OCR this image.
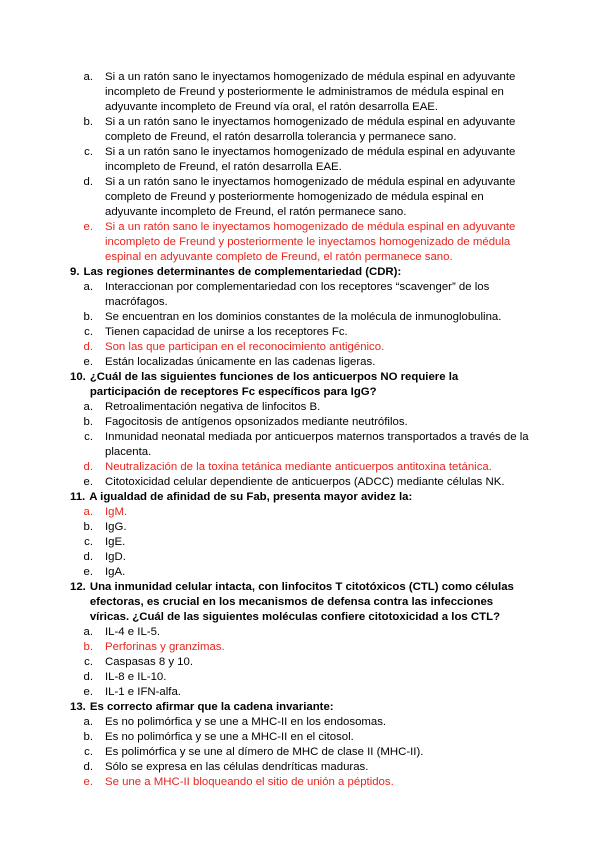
a.	Si a un ratón sano le inyectamos homogenizado de médula espinal en adyuvante incompleto de Freund y posteriormente le administramos de médula espinal en adyuvante incompleto de Freund vía oral, el ratón desarrolla EAE.
b.	Si a un ratón sano le inyectamos homogenizado de médula espinal en adyuvante completo de Freund, el ratón desarrolla tolerancia y permanece sano.
c.	Si a un ratón sano le inyectamos homogenizado de médula espinal en adyuvante incompleto de Freund, el ratón desarrolla EAE.
d.	Si a un ratón sano le inyectamos homogenizado de médula espinal en adyuvante completo de Freund y posteriormente homogenizado de médula espinal en adyuvante incompleto de Freund, el ratón permanece sano.
e.	Si a un ratón sano le inyectamos homogenizado de médula espinal en adyuvante incompleto de Freund y posteriormente le inyectamos homogenizado de médula espinal en adyuvante completo de Freund, el ratón permanece sano.
9. Las regiones determinantes de complementariedad (CDR):
a.	Interaccionan por complementariedad con los receptores “scavenger” de los macrófagos.
b.	Se encuentran en los dominios constantes de la molécula de inmunoglobulina.
c.	Tienen capacidad de unirse a los receptores Fc.
d.	Son las que participan en el reconocimiento antigénico.
e.	Están localizadas únicamente en las cadenas ligeras.
10. ¿Cuál de las siguientes funciones de los anticuerpos NO requiere la participación de receptores Fc específicos para IgG?
a.	Retroalimentación negativa de linfocitos B.
b.	Fagocitosis de antígenos opsonizados mediante neutrófilos.
c.	Inmunidad neonatal mediada por anticuerpos maternos transportados a través de la placenta.
d.	Neutralización de la toxina tetánica mediante anticuerpos antitoxina tetánica.
e.	Citotoxicidad celular dependiente de anticuerpos (ADCC) mediante células NK.
11. A igualdad de afinidad de su Fab, presenta mayor avidez la:
a.	IgM.
b.	IgG.
c.	IgE.
d.	IgD.
e.	IgA.
12. Una inmunidad celular intacta, con linfocitos T citotóxicos (CTL) como células efectoras, es crucial en los mecanismos de defensa contra las infecciones víricas. ¿Cuál de las siguientes moléculas confiere citotoxicidad a los CTL?
a.	IL-4 e IL-5.
b.	Perforinas y granzimas.
c.	Caspasas 8 y 10.
d.	IL-8 e IL-10.
e.	IL-1 e IFN-alfa.
13. Es correcto afirmar que la cadena invariante:
a.	Es no polimórfica y se une a MHC-II en los endosomas.
b.	Es no polimórfica y se une a MHC-II en el citosol.
c.	Es polimórfica y se une al dímero de MHC de clase II (MHC-II).
d.	Sólo se expresa en las células dendríticas maduras.
e.	Se une a MHC-II bloqueando el sitio de unión a péptidos.
